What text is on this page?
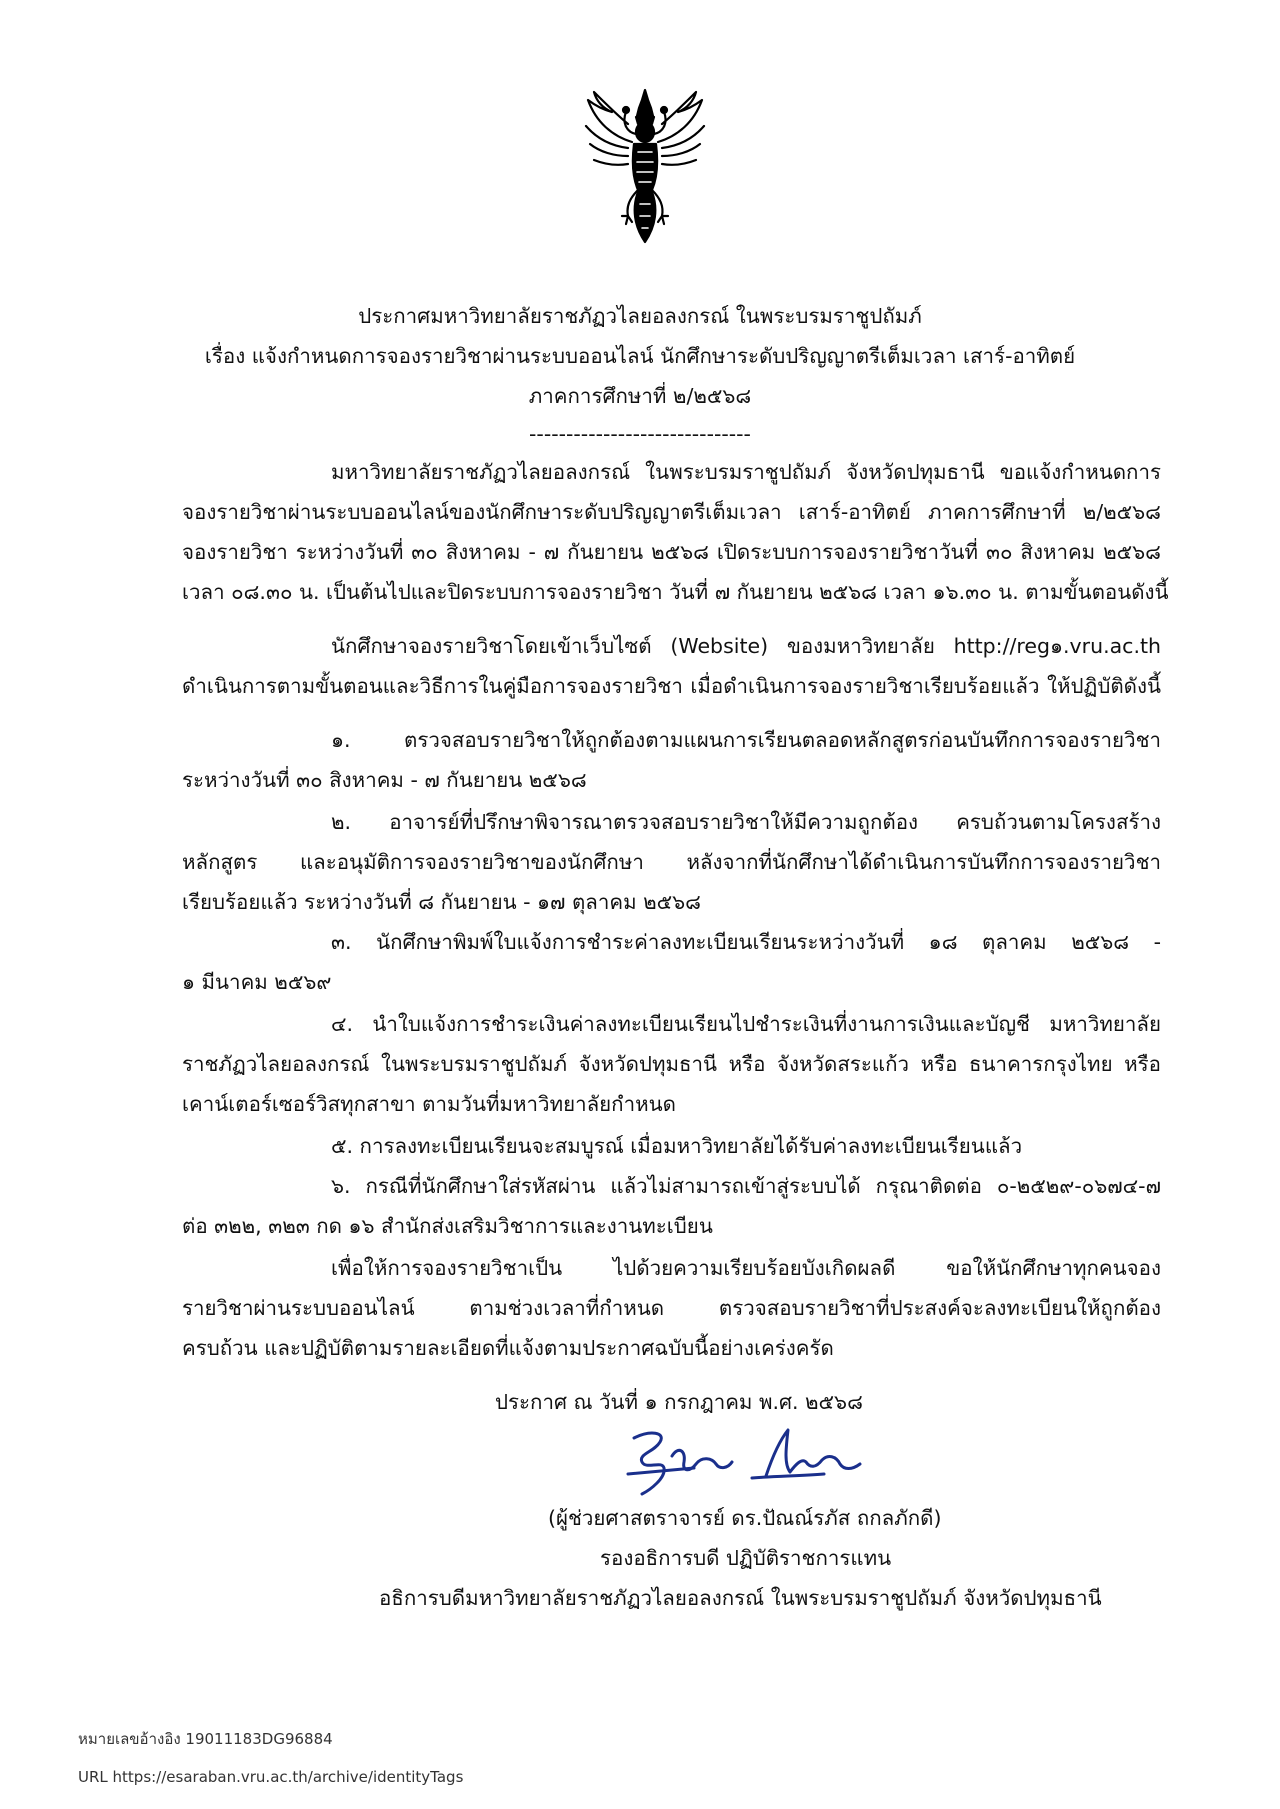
ประกาศมหาวิทยาลัยราชภัฏวไลยอลงกรณ์ ในพระบรมราชูปถัมภ์
เรื่อง แจ้งกำหนดการจองรายวิชาผ่านระบบออนไลน์ นักศึกษาระดับปริญญาตรีเต็มเวลา เสาร์-อาทิตย์
ภาคการศึกษาที่ ๒/๒๕๖๘
------------------------------
มหาวิทยาลัยราชภัฏวไลยอลงกรณ์ ในพระบรมราชูปถัมภ์ จังหวัดปทุมธานี ขอแจ้งกำหนดการ
จองรายวิชาผ่านระบบออนไลน์ของนักศึกษาระดับปริญญาตรีเต็มเวลา เสาร์-อาทิตย์ ภาคการศึกษาที่ ๒/๒๕๖๘
จองรายวิชา ระหว่างวันที่ ๓๐ สิงหาคม - ๗ กันยายน ๒๕๖๘ เปิดระบบการจองรายวิชาวันที่ ๓๐ สิงหาคม ๒๕๖๘
เวลา ๐๘.๓๐ น. เป็นต้นไปและปิดระบบการจองรายวิชา วันที่ ๗ กันยายน ๒๕๖๘ เวลา ๑๖.๓๐ น. ตามขั้นตอนดังนี้
นักศึกษาจองรายวิชาโดยเข้าเว็บไซต์ (Website) ของมหาวิทยาลัย http://reg๑.vru.ac.th
ดำเนินการตามขั้นตอนและวิธีการในคู่มือการจองรายวิชา เมื่อดำเนินการจองรายวิชาเรียบร้อยแล้ว ให้ปฏิบัติดังนี้
๑. ตรวจสอบรายวิชาให้ถูกต้องตามแผนการเรียนตลอดหลักสูตรก่อนบันทึกการจองรายวิชา
ระหว่างวันที่ ๓๐ สิงหาคม - ๗ กันยายน ๒๕๖๘
๒. อาจารย์ที่ปรึกษาพิจารณาตรวจสอบรายวิชาให้มีความถูกต้อง ครบถ้วนตามโครงสร้าง
หลักสูตร และอนุมัติการจองรายวิชาของนักศึกษา หลังจากที่นักศึกษาได้ดำเนินการบันทึกการจองรายวิชา
เรียบร้อยแล้ว ระหว่างวันที่ ๘ กันยายน - ๑๗ ตุลาคม ๒๕๖๘
๓. นักศึกษาพิมพ์ใบแจ้งการชำระค่าลงทะเบียนเรียนระหว่างวันที่ ๑๘ ตุลาคม ๒๕๖๘ -
๑ มีนาคม ๒๕๖๙
๔. นำใบแจ้งการชำระเงินค่าลงทะเบียนเรียนไปชำระเงินที่งานการเงินและบัญชี มหาวิทยาลัย
ราชภัฏวไลยอลงกรณ์ ในพระบรมราชูปถัมภ์ จังหวัดปทุมธานี หรือ จังหวัดสระแก้ว หรือ ธนาคารกรุงไทย หรือ
เคาน์เตอร์เซอร์วิสทุกสาขา ตามวันที่มหาวิทยาลัยกำหนด
๕. การลงทะเบียนเรียนจะสมบูรณ์ เมื่อมหาวิทยาลัยได้รับค่าลงทะเบียนเรียนแล้ว
๖. กรณีที่นักศึกษาใส่รหัสผ่าน แล้วไม่สามารถเข้าสู่ระบบได้ กรุณาติดต่อ ๐-๒๕๒๙-๐๖๗๔-๗
ต่อ ๓๒๒, ๓๒๓ กด ๑๖ สำนักส่งเสริมวิชาการและงานทะเบียน
เพื่อให้การจองรายวิชาเป็น ไปด้วยความเรียบร้อยบังเกิดผลดี ขอให้นักศึกษาทุกคนจอง
รายวิชาผ่านระบบออนไลน์ ตามช่วงเวลาที่กำหนด ตรวจสอบรายวิชาที่ประสงค์จะลงทะเบียนให้ถูกต้อง
ครบถ้วน และปฏิบัติตามรายละเอียดที่แจ้งตามประกาศฉบับนี้อย่างเคร่งครัด
ประกาศ ณ วันที่ ๑ กรกฎาคม พ.ศ. ๒๕๖๘
(ผู้ช่วยศาสตราจารย์ ดร.ปัณณ์รภัส ถกลภักดี)
รองอธิการบดี ปฏิบัติราชการแทน
อธิการบดีมหาวิทยาลัยราชภัฏวไลยอลงกรณ์ ในพระบรมราชูปถัมภ์ จังหวัดปทุมธานี
หมายเลขอ้างอิง 19011183DG96884
URL https://esaraban.vru.ac.th/archive/identityTags
